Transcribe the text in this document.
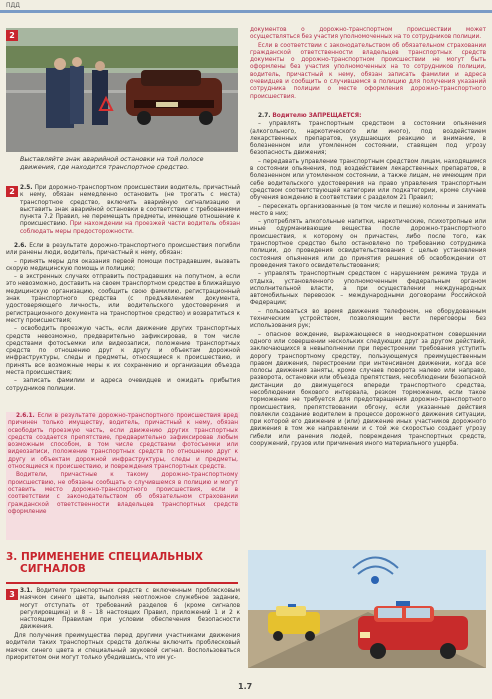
ПДД
2
Выставляйте знак аварийной остановки на той полосе движения, где находится транспортное средство.
2 2.5. При дорожно-транспортном происшествии водитель, причастный к нему, обязан немедленно остановить (не трогать с места) транспортное средство, включить аварийную сигнализацию и выставить знак аварийной остановки в соответствии с требованиями пункта 7.2 Правил, не перемещать предметы, имеющие отношение к происшествию. При нахождении на проезжей части водитель обязан соблюдать меры предосторожности.

2.6. Если в результате дорожно-транспортного происшествия погибли или ранены люди, водитель, причастный к нему, обязан:

– принять меры для оказания первой помощи пострадавшим, вызвать скорую медицинскую помощь и полицию;

– в экстренных случаях отправить пострадавших на попутном, а если это невозможно, доставить на своем транспортном средстве в ближайшую медицинскую организацию, сообщить свою фамилию, регистрационный знак транспортного средства (с предъявлением документа, удостоверяющего личность, или водительского удостоверения и регистрационного документа на транспортное средство) и возвратиться к месту происшествия;

– освободить проезжую часть, если движение других транспортных средств невозможно, предварительно зафиксировав, в том числе средствами фотосъемки или видеозаписи, положение транспортных средств по отношению друг к другу и объектам дорожной инфраструктуры, следы и предметы, относящиеся к происшествию, и принять все возможные меры к их сохранению и организации объезда места происшествия;

– записать фамилии и адреса очевидцев и ожидать прибытия сотрудников полиции.

2.6.1. Если в результате дорожно-транспортного происшествия вред причинен только имуществу, водитель, причастный к нему, обязан освободить проезжую часть, если движению других транспортных средств создается препятствие, предварительно зафиксировав любым возможным способом, в том числе средствами фотосъемки или видеозаписи, положение транспортных средств по отношению друг к другу и объектам дорожной инфраструктуры, следы и предметы, относящиеся к происшествию, и повреждения транспортных средств.

Водители, причастные к такому дорожно-транспортному происшествию, не обязаны сообщать о случившемся в полицию и могут оставить место дорожно-транспортного происшествия, если в соответствии с законодательством об обязательном страховании гражданской ответственности владельцев транспортных средств оформление

3. ПРИМЕНЕНИЕ СПЕЦИАЛЬНЫХ
СИГНАЛОВ
3 3.1. Водители транспортных средств с включенным проблесковым маячком синего цвета, выполняя неотложное служебное задание, могут отступать от требований разделов 6 (кроме сигналов регулировщика) и 8 – 18 настоящих Правил, приложений 1 и 2 к настоящим Правилам при условии обеспечения безопасности движения.

Для получения преимущества перед другими участниками движения водители таких транспортных средств должны включить проблесковый маячок синего цвета и специальный звуковой сигнал. Воспользоваться приоритетом они могут только убедившись, что им ус-

документов о дорожно-транспортном происшествии может осуществляться без участия уполномоченных на то сотрудников полиции.

Если в соответствии с законодательством об обязательном страховании гражданской ответственности владельцев транспортных средств документы о дорожно-транспортном происшествии не могут быть оформлены без участия уполномоченных на то сотрудников полиции, водитель, причастный к нему, обязан записать фамилии и адреса очевидцев и сообщить о случившемся в полицию для получения указаний сотрудника полиции о месте оформления дорожно-транспортного происшествия.

2.7. Водителю ЗАПРЕЩАЕТСЯ:

– управлять транспортным средством в состоянии опьянения (алкогольного, наркотического или иного), под воздействием лекарственных препаратов, ухудшающих реакцию и внимание, в болезненном или утомленном состоянии, ставящем под угрозу безопасность движения;

– передавать управление транспортным средством лицам, находящимся в состоянии опьянения, под воздействием лекарственных препаратов, в болезненном или утомленном состоянии, а также лицам, не имеющим при себе водительского удостоверения на право управления транспортным средством соответствующей категории или подкатегории, кроме случаев обучения вождению в соответствии с разделом 21 Правил;

– пересекать организованные (в том числе и пешие) колонны и занимать место в них;

– употреблять алкогольные напитки, наркотические, психотропные или иные одурманивающие вещества после дорожно-транспортного происшествия, к которому он причастен, либо после того, как транспортное средство было остановлено по требованию сотрудника полиции, до проведения освидетельствования с целью установления состояния опьянения или до принятия решения об освобождении от проведения такого освидетельствования;

– управлять транспортным средством с нарушением режима труда и отдыха, установленного уполномоченным федеральным органом исполнительной власти, а при осуществлении международных автомобильных перевозок – международными договорами Российской Федерации;

– пользоваться во время движения телефоном, не оборудованным техническим устройством, позволяющим вести переговоры без использования рук;

– опасное вождение, выражающееся в неоднократном совершении одного или совершении нескольких следующих друг за другом действий, заключающихся в невыполнении при перестроении требования уступить дорогу транспортному средству, пользующемуся преимущественным правом движения, перестроении при интенсивном движении, когда все полосы движения заняты, кроме случаев поворота налево или направо, разворота, остановки или объезда препятствия, несоблюдении безопасной дистанции до движущегося впереди транспортного средства, несоблюдении бокового интервала, резком торможении, если такое торможение не требуется для предотвращения дорожно-транспортного происшествия, препятствовании обгону, если указанные действия повлекли создание водителем в процессе дорожного движения ситуации, при которой его движение и (или) движение иных участников дорожного движения в том же направлении и с той же скоростью создает угрозу гибели или ранения людей, повреждения транспортных средств, сооружений, грузов или причинения иного материального ущерба.

1.7
